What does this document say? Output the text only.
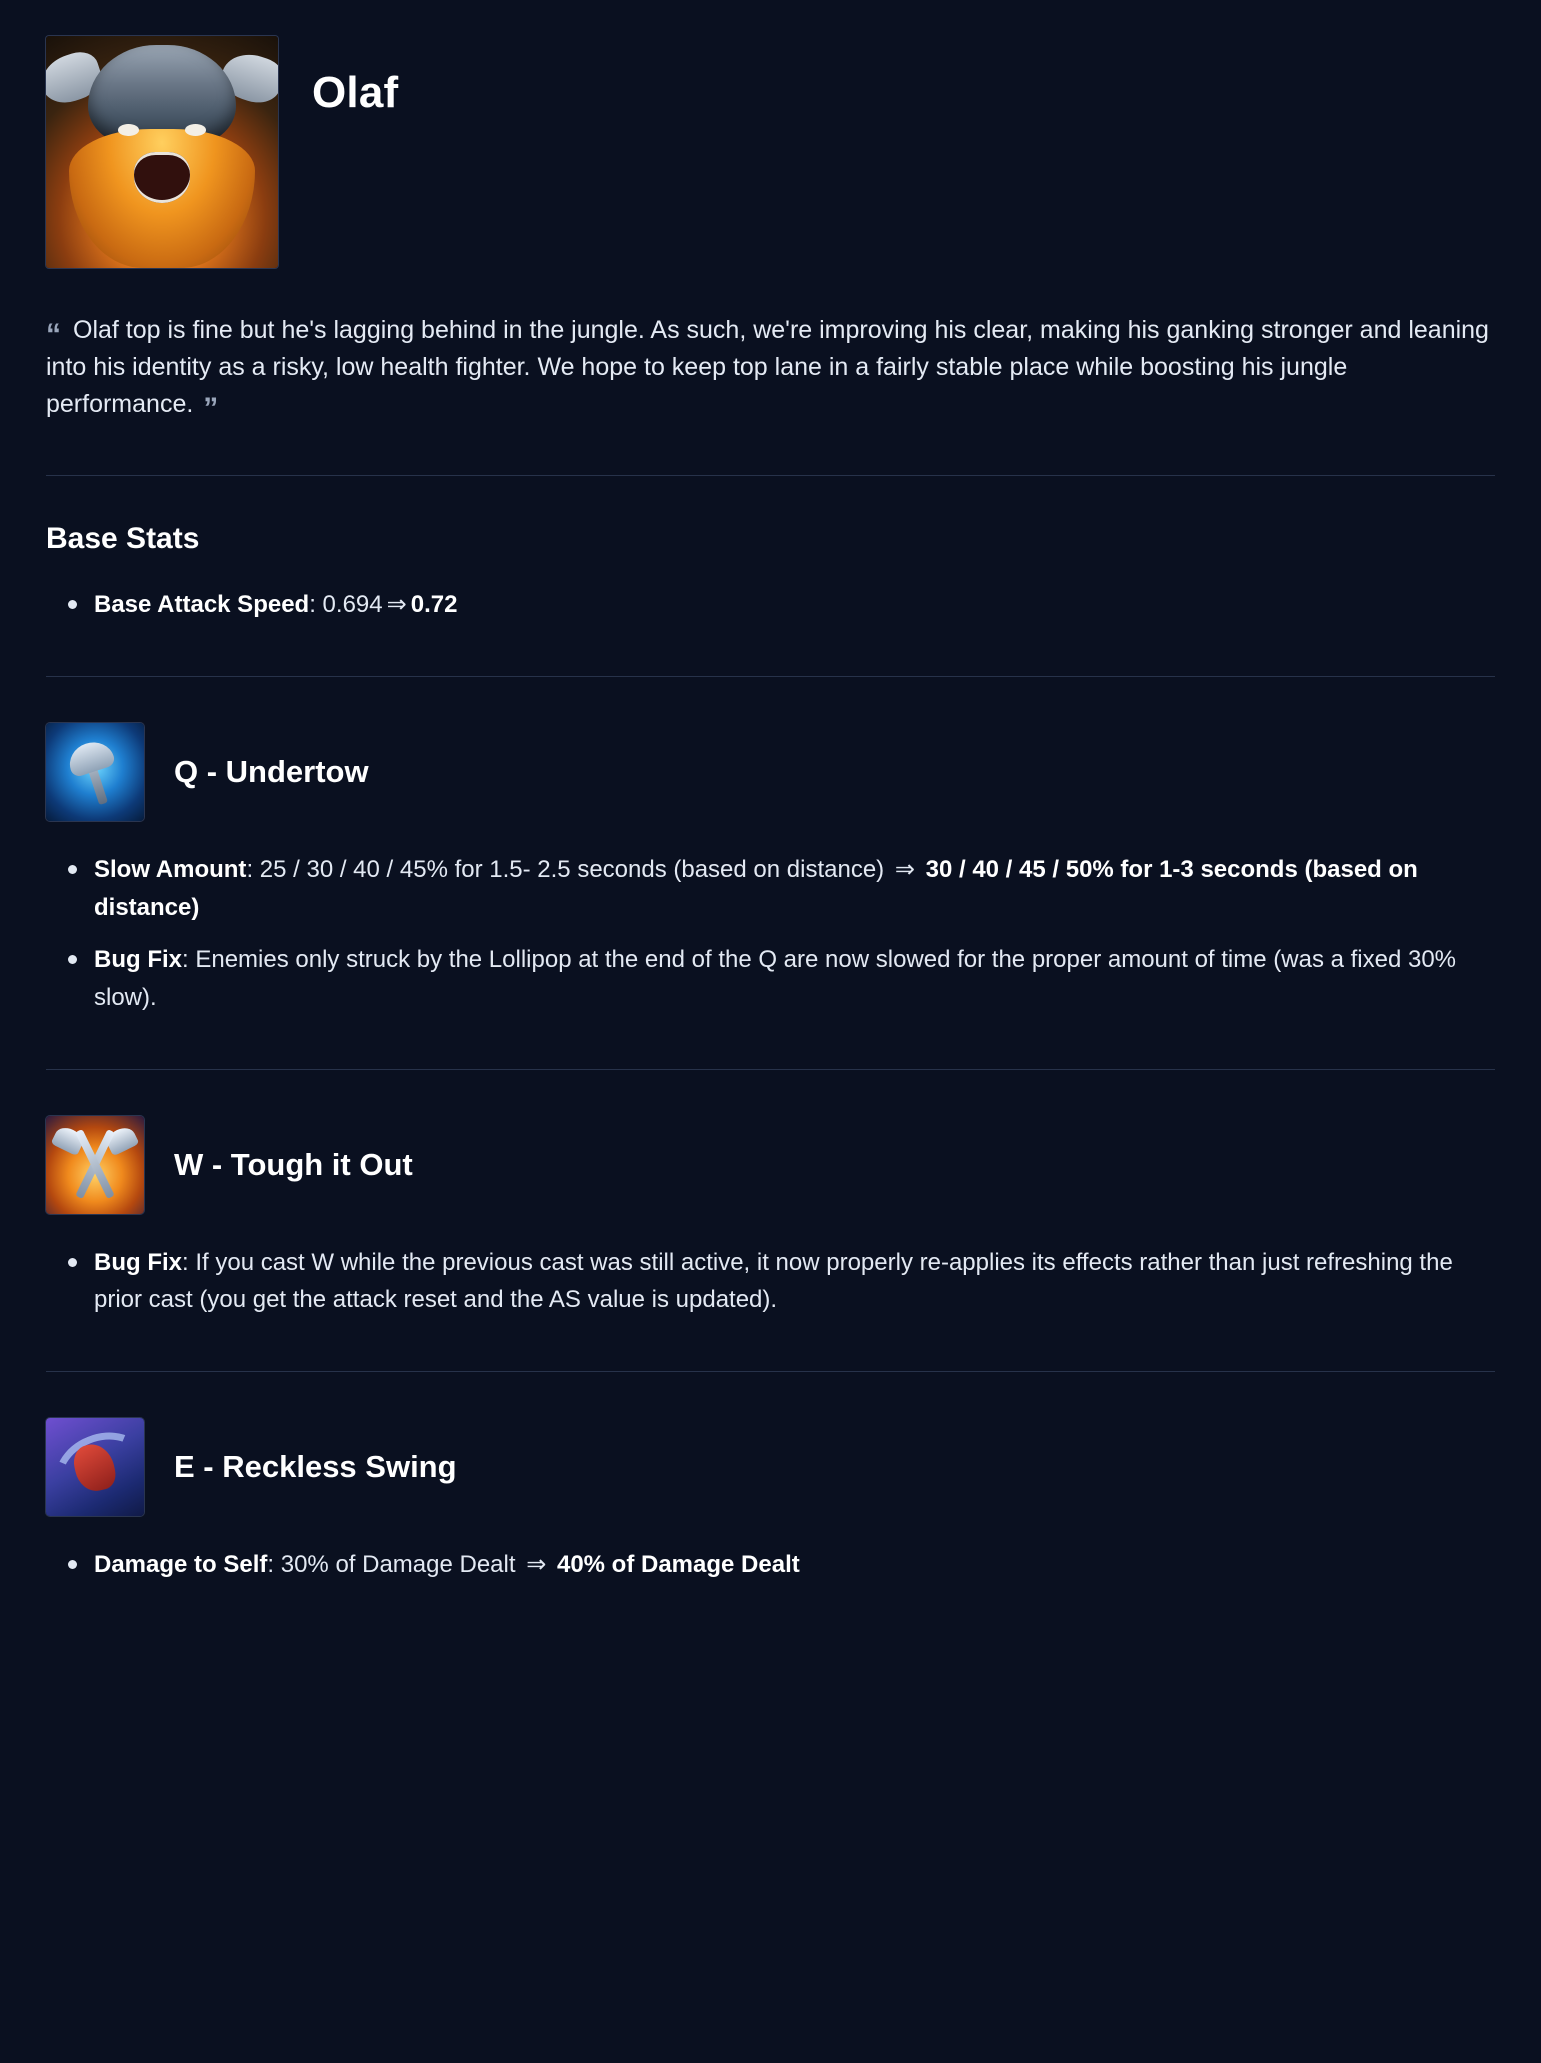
Olaf
“ Olaf top is fine but he's lagging behind in the jungle. As such, we're improving his clear, making his ganking stronger and leaning into his identity as a risky, low health fighter. We hope to keep top lane in a fairly stable place while boosting his jungle performance. ”
Base Stats
Base Attack Speed: 0.694 ⇒ 0.72
Q - Undertow
Slow Amount: 25 / 30 / 40 / 45% for 1.5- 2.5 seconds (based on distance) ⇒ 30 / 40 / 45 / 50% for 1-3 seconds (based on distance)
Bug Fix: Enemies only struck by the Lollipop at the end of the Q are now slowed for the proper amount of time (was a fixed 30% slow).
W - Tough it Out
Bug Fix: If you cast W while the previous cast was still active, it now properly re-applies its effects rather than just refreshing the prior cast (you get the attack reset and the AS value is updated).
E - Reckless Swing
Damage to Self: 30% of Damage Dealt ⇒ 40% of Damage Dealt
